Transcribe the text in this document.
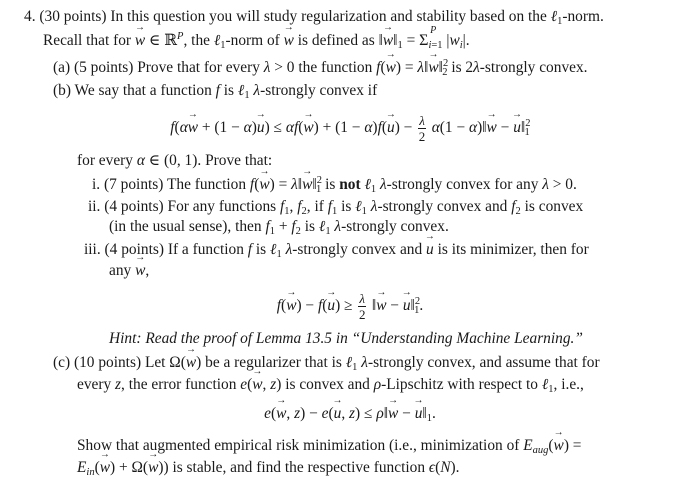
4. (30 points) In this question you will study regularization and stability based on the ℓ$_1$-norm.
Recall that for → w ∈ ℝ$^P$, the ℓ$_1$-norm of → w is defined as ‖→ $w‖_1 = \Sigma$
P
$_{i=1}$ $|w_i|$.
(a) (5 points) Prove that for every λ > 0 the function f(→ w) = λ‖→ w‖$^2_2$ is 2λ-strongly convex.
(b) We say that a function f is ℓ$_1$ λ-strongly convex if
$f(\alpha\to w + (1 - \alpha)\to u) \le \alpha f(\to w) + (1 - \alpha)f(\to u) - \frac{\lambda}{2} \alpha(1$ − α)‖→ w − → u‖$^2_1$
for every α ∈ (0, 1). Prove that:
i. (7 points) The function f(→ w) = λ‖→ w‖$^2_1$ is not ℓ$_1$ λ-strongly convex for any λ > 0.
ii. (4 points) For any functions $f_1$, $f_2$, if $f_1$ is ℓ$_1$ λ-strongly convex and $f_2$ is convex
(in the usual sense), then $f_1 + f_2$ is ℓ$_1$ λ-strongly convex.
iii. (4 points) If a function f is ℓ$_1$ λ-strongly convex and → u is its minimizer, then for
any → w,
$f(\to w) - f(\to u) \ge \frac{\lambda}{2}$ ‖→ w − → u‖$^2_1$.
Hint: Read the proof of Lemma 13.5 in “Understanding Machine Learning.”
(c) (10 points) Let Ω(→ w) be a regularizer that is ℓ$_1$ λ-strongly convex, and assume that for
every z, the error function e(→ w, z) is convex and ρ-Lipschitz with respect to ℓ$_1$, i.e.,
e(→ w, z) − e(→ u, z) ≤ ρ‖→ w − → $u‖_1$.
Show that augmented empirical risk minimization (i.e., minimization of $E_{aug}(\to w)$ =
$E_{in}(\to w) + \Omega(\to w)$) is stable, and find the respective function ϵ(N).
